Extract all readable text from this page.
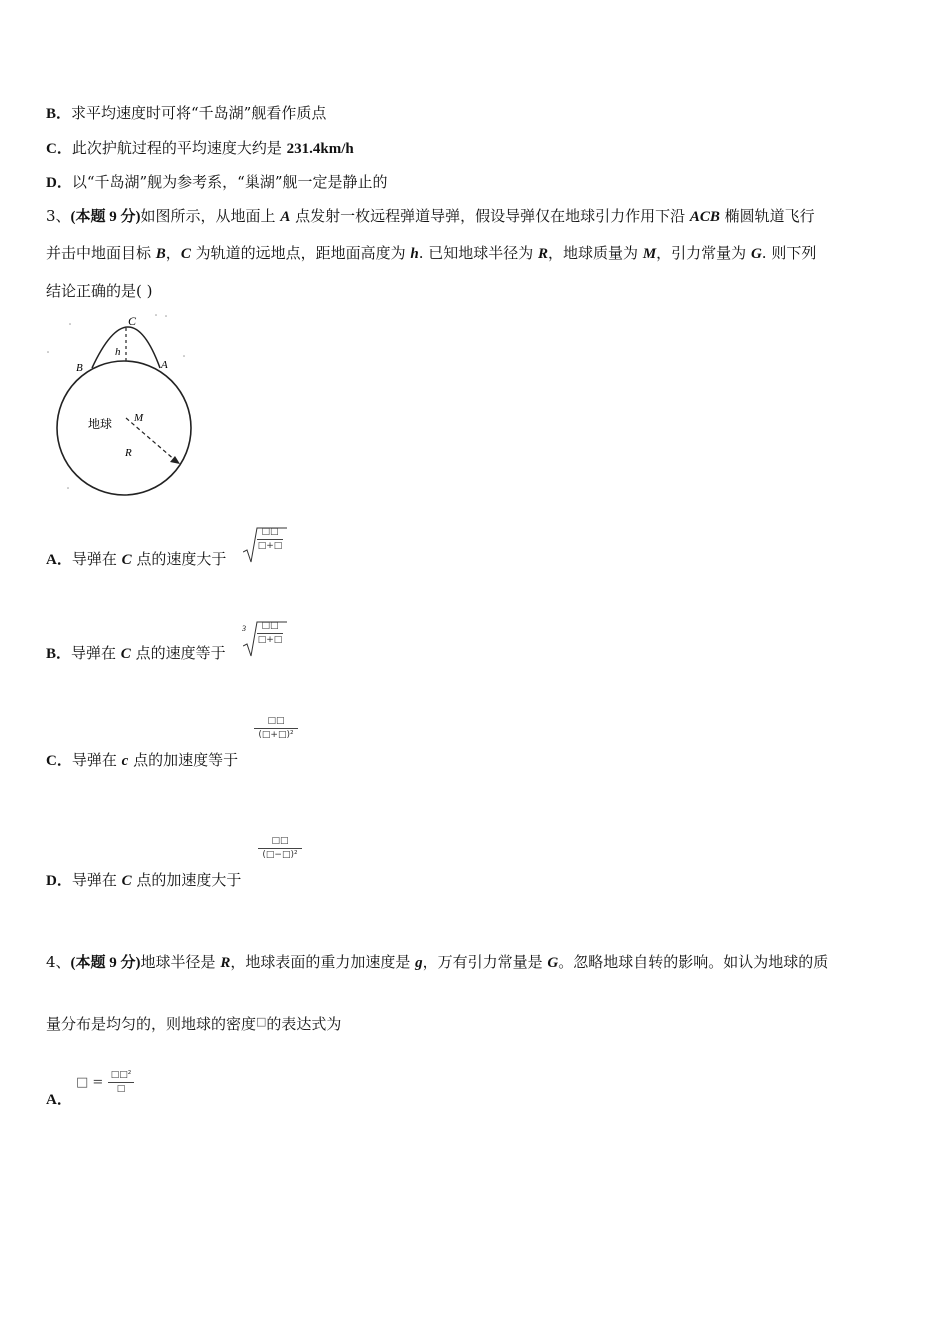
B．求平均速度时可将“千岛湖”舰看作质点
C．此次护航过程的平均速度大约是 231.4km/h
D．以“千岛湖”舰为参考系，“巢湖”舰一定是静止的
3、(本题 9 分)如图所示，从地面上 A 点发射一枚远程弹道导弹，假设导弹仅在地球引力作用下沿 ACB 椭圆轨道飞行
并击中地面目标 B，C 为轨道的远地点，距地面高度为 h. 已知地球半径为 R，地球质量为 M，引力常量为 G. 则下列
结论正确的是( )
C
h
B	A
地球 M
R
A．导弹在 C 点的速度大于
□□
□+□
B．导弹在 C 点的速度等于
3	□□
□+□
C．导弹在 c 点的加速度等于
□□
(□+□)²
D．导弹在 C 点的加速度大于
□□
(□−□)²
4、(本题 9 分)地球半径是 R，地球表面的重力加速度是 g，万有引力常量是 G。忽略地球自转的影响。如认为地球的质
量分布是均匀的，则地球的密度□的表达式为
A．
□ = □□²
□
